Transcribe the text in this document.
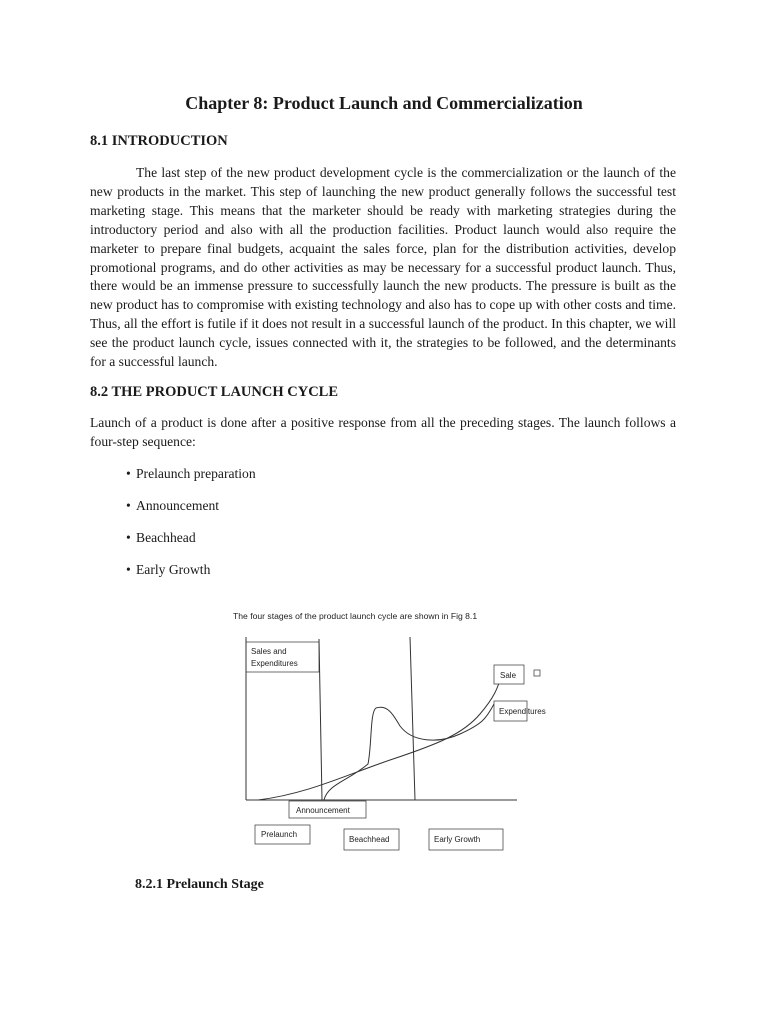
Chapter 8: Product Launch and Commercialization
8.1 INTRODUCTION

The last step of the new product development cycle is the commercialization or the launch of the new products in the market. This step of launching the new product generally follows the successful test marketing stage. This means that the marketer should be ready with marketing strategies during the introductory period and also with all the production facilities. Product launch would also require the marketer to prepare final budgets, acquaint the sales force, plan for the distribution activities, develop promotional programs, and do other activities as may be necessary for a successful product launch. Thus, there would be an immense pressure to successfully launch the new products. The pressure is built as the new product has to compromise with existing technology and also has to cope up with other costs and time. Thus, all the effort is futile if it does not result in a successful launch of the product. In this chapter, we will see the product launch cycle, issues connected with it, the strategies to be followed, and the determinants for a successful launch.

8.2 THE PRODUCT LAUNCH CYCLE

Launch of a product is done after a positive response from all the preceding stages. The launch follows a four-step sequence:

• Prelaunch preparation
• Announcement
• Beachhead
• Early Growth
The four stages of the product launch cycle are shown in Fig 8.1
Sales and
Expenditures
Sale
Expenditures
Announcement
Prelaunch
Beachhead	Early Growth
8.2.1 Prelaunch Stage
